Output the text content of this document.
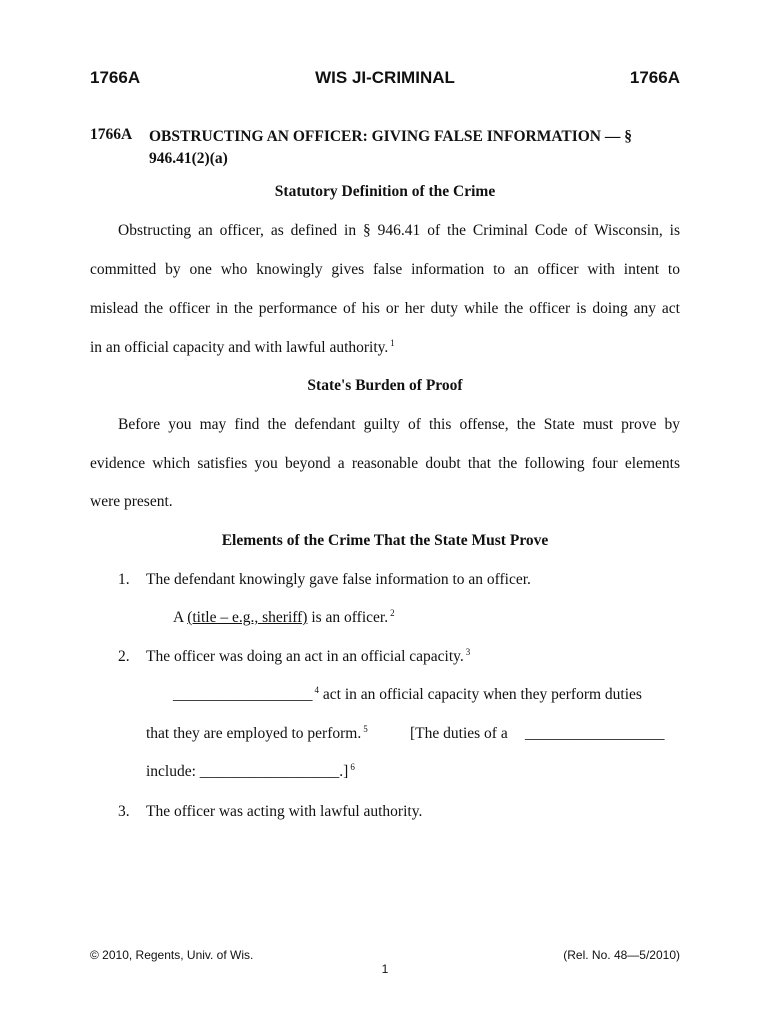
WIS JI-CRIMINAL
1766A	1766A
1766A OBSTRUCTING AN OFFICER: GIVING FALSE INFORMATION — §
946.41(2)(a)
Statutory Definition of the Crime
Obstructing an officer, as defined in § 946.41 of the Criminal Code of Wisconsin, is
committed by one who knowingly gives false information to an officer with intent to
mislead the officer in the performance of his or her duty while the officer is doing any act
in an official capacity and with lawful authority. $^1$
State's Burden of Proof
Before you may find the defendant guilty of this offense, the State must prove by
evidence which satisfies you beyond a reasonable doubt that the following four elements
were present.
Elements of the Crime That the State Must Prove
1. The defendant knowingly gave false information to an officer.
A (title – e.g., sheriff) is an officer. $^2$
2. The officer was doing an act in an official capacity. $^3$
__________________ $^4$ act in an official capacity when they perform duties
that they are employed to perform. $^5$	[The duties of a __________________
include: __________________.] $^6$
3. The officer was acting with lawful authority.
© 2010, Regents, Univ. of Wis.	(Rel. No. 48—5/2010)
1
